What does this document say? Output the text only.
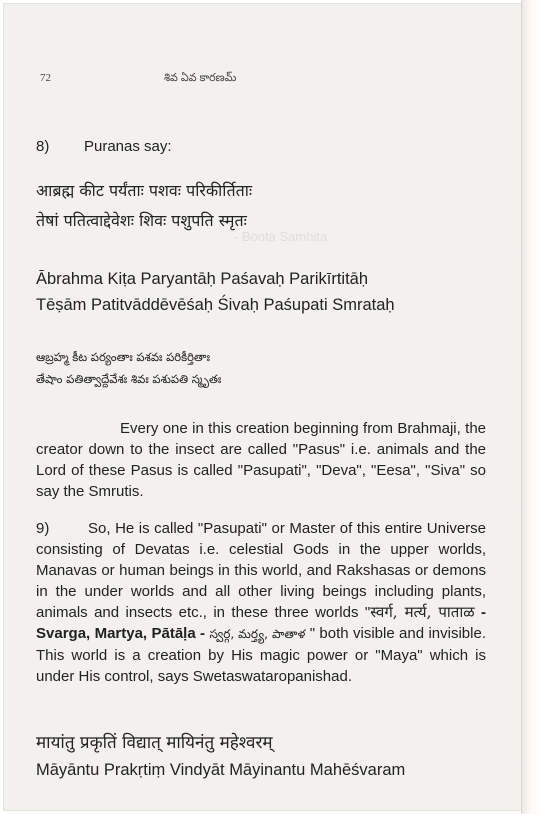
- Boota Samhita
72	శివ ఏవ కారణమ్
8) Puranas say:
आब्रह्म कीट पर्यंताः पशवः परिकीर्तिताः
तेषां पतित्वाद्देवेशः शिवः पशुपति स्मृतः
Ābrahma Kiṭa Paryantāḥ Paśavaḥ Parikīrtitāḥ
Tēṣām Patitvāddēvēśaḥ Śivaḥ Paśupati Smrataḥ
ఆబ్రహ్మ కీట పర్యంతాః పశవః పరికీర్తితాః
తేషాం పతిత్వాద్దేవేశః శివః పశుపతి స్మృతః
Every one in this creation beginning from Brahmaji, the creator down to the insect are called "Pasus" i.e. animals and the Lord of these Pasus is called "Pasupati", "Deva", "Eesa", "Siva" so say the Smrutis.
9)	So, He is called "Pasupati" or Master of this entire Universe consisting of Devatas i.e. celestial Gods in the upper worlds, Manavas or human beings in this world, and Rakshasas or demons in the under worlds and all other living beings including plants, animals and insects etc., in these three worlds "स्वर्ग, मर्त्य, पाताळ - Svarga, Martya, Pātāḷa - స్వర్గ, మర్త్య, పాతాళ " both visible and invisible. This world is a creation by His magic power or "Maya" which is under His control, says Swetaswataropanishad.
मायांतु प्रकृतिं विद्यात् मायिनंतु महेश्वरम्
Māyāntu Prakṛtiṃ Vindyāt Māyinantu Mahēśvaram
